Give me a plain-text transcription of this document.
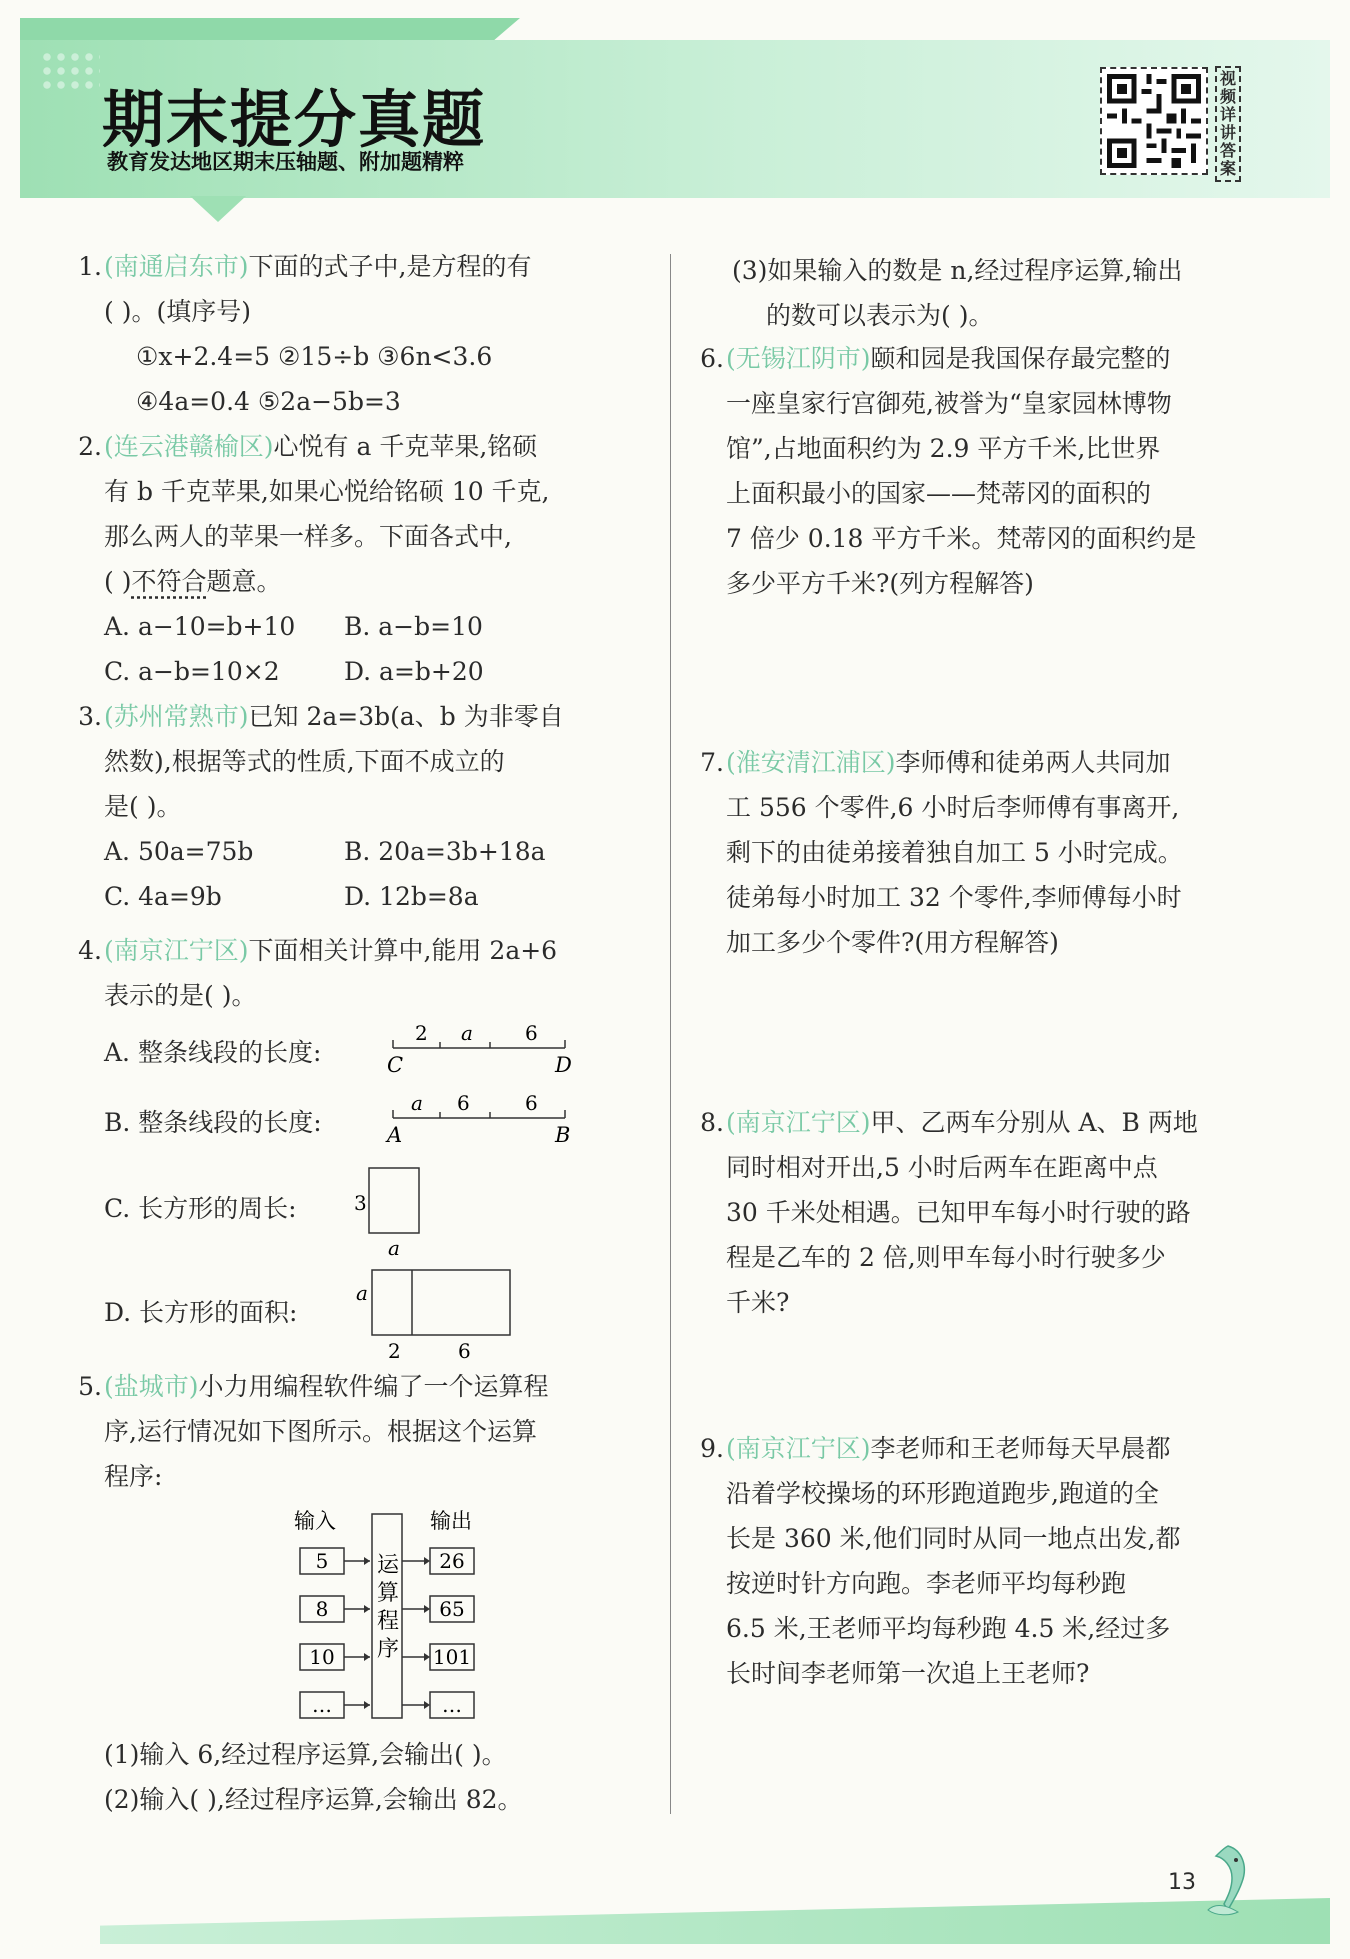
期末提分真题
教育发达地区期末压轴题、附加题精粹
视频详讲答案
1.(南通启东市)下面的式子中,是方程的有
( )。(填序号)
①x+2.4=5 ②15÷b ③6n<3.6
④4a=0.4 ⑤2a−5b=3
2.(连云港赣榆区)心悦有 a 千克苹果,铭硕
有 b 千克苹果,如果心悦给铭硕 10 千克,
那么两人的苹果一样多。下面各式中,
( )不符合题意。
A. a−10=b+10 B. a−b=10
C. a−b=10×2	D. a=b+20
3.(苏州常熟市)已知 2a=3b(a、b 为非零自
然数),根据等式的性质,下面不成立的
是( )。
A. 50a=75b	B. 20a=3b+18a
C. 4a=9b	D. 12b=8a
4.(南京江宁区)下面相关计算中,能用 2a+6
表示的是( )。
A. 整条线段的长度:
2 a	6
C	D
B. 整条线段的长度:
a 6	6
A	B
C. 长方形的周长:	3
a
D. 长方形的面积:
a
2	6
5.(盐城市)小力用编程软件编了一个运算程
序,运行情况如下图所示。根据这个运算
程序:
输入	输出
运
算
程
序
5	26
8	65
10	101
…	…
(1)输入 6,经过程序运算,会输出( )。
(2)输入( ),经过程序运算,会输出 82。
(3)如果输入的数是 n,经过程序运算,输出
的数可以表示为( )。
6.(无锡江阴市)颐和园是我国保存最完整的
一座皇家行宫御苑,被誉为“皇家园林博物
馆”,占地面积约为 2.9 平方千米,比世界
上面积最小的国家——梵蒂冈的面积的
7 倍少 0.18 平方千米。梵蒂冈的面积约是
多少平方千米?(列方程解答)
7.(淮安清江浦区)李师傅和徒弟两人共同加
工 556 个零件,6 小时后李师傅有事离开,
剩下的由徒弟接着独自加工 5 小时完成。
徒弟每小时加工 32 个零件,李师傅每小时
加工多少个零件?(用方程解答)
8.(南京江宁区)甲、乙两车分别从 A、B 两地
同时相对开出,5 小时后两车在距离中点
30 千米处相遇。已知甲车每小时行驶的路
程是乙车的 2 倍,则甲车每小时行驶多少
千米?
9.(南京江宁区)李老师和王老师每天早晨都
沿着学校操场的环形跑道跑步,跑道的全
长是 360 米,他们同时从同一地点出发,都
按逆时针方向跑。李老师平均每秒跑
6.5 米,王老师平均每秒跑 4.5 米,经过多
长时间李老师第一次追上王老师?
13
